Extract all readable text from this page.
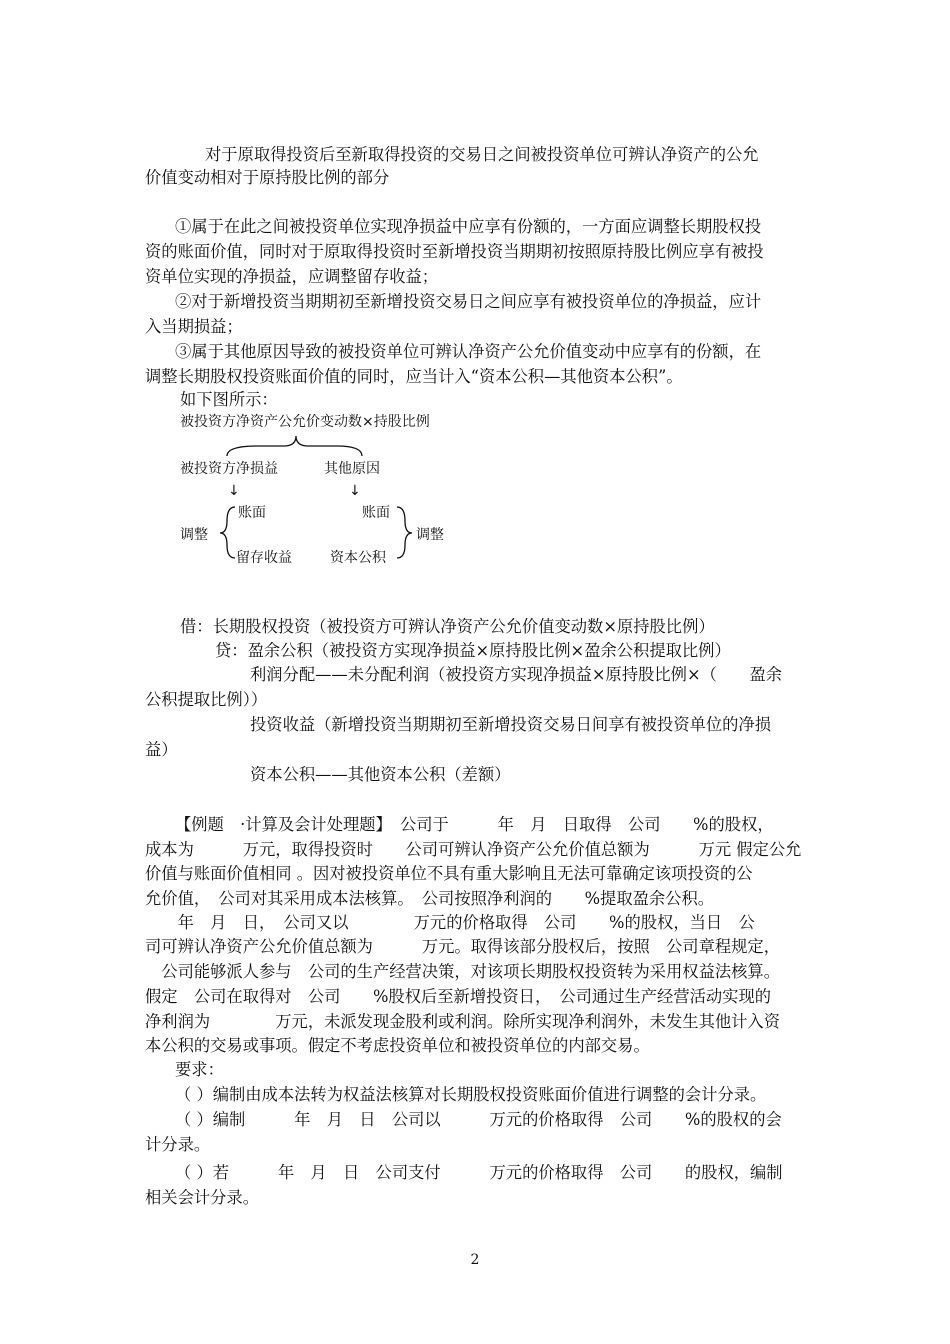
对于原取得投资后至新取得投资的交易日之间被投资单位可辨认净资产的公允
价值变动相对于原持股比例的部分
①属于在此之间被投资单位实现净损益中应享有份额的，一方面应调整长期股权投
资的账面价值，同时对于原取得投资时至新增投资当期期初按照原持股比例应享有被投
资单位实现的净损益，应调整留存收益；
②对于新增投资当期期初至新增投资交易日之间应享有被投资单位的净损益，应计
入当期损益；
③属于其他原因导致的被投资单位可辨认净资产公允价值变动中应享有的份额，在
调整长期股权投资账面价值的同时，应当计入“资本公积—其他资本公积”。
如下图所示：
被投资方净资产公允价变动数×持股比例
被投资方净损益	其他原因
↓	↓
账面	账面
调整	调整
留存收益	资本公积
借：长期股权投资（被投资方可辨认净资产公允价值变动数×原持股比例）
贷：盈余公积（被投资方实现净损益×原持股比例×盈余公积提取比例）
利润分配——未分配利润（被投资方实现净损益×原持股比例×（　　盈余
公积提取比例））
投资收益（新增投资当期期初至新增投资交易日间享有被投资单位的净损
益）
资本公积——其他资本公积（差额）
【例题　·计算及会计处理题】　公司于　　　年　月　日取得　公司　　%的股权，
成本为　　　万元，取得投资时　　公司可辨认净资产公允价值总额为　　　万元 假定公允
价值与账面价值相同 。因对被投资单位不具有重大影响且无法可靠确定该项投资的公
允价值，　公司对其采用成本法核算。　公司按照净利润的　　%提取盈余公积。
　　年　月　日，　公司又以　　　　万元的价格取得　公司　　%的股权，当日　公
司可辨认净资产公允价值总额为　　　万元。取得该部分股权后，按照　公司章程规定，
　公司能够派人参与　公司的生产经营决策，对该项长期股权投资转为采用权益法核算。
假定　公司在取得对　公司　　%股权后至新增投资日，　公司通过生产经营活动实现的
净利润为　　　　万元，未派发现金股利或利润。除所实现净利润外，未发生其他计入资
本公积的交易或事项。假定不考虑投资单位和被投资单位的内部交易。
要求：
（ ）编制由成本法转为权益法核算对长期股权投资账面价值进行调整的会计分录。
（ ）编制　　　年　月　日　公司以　　　万元的价格取得　公司　　%的股权的会
计分录。
（ ）若　　　年　月　日　公司支付　　　万元的价格取得　公司　　的股权，编制
相关会计分录。
2
